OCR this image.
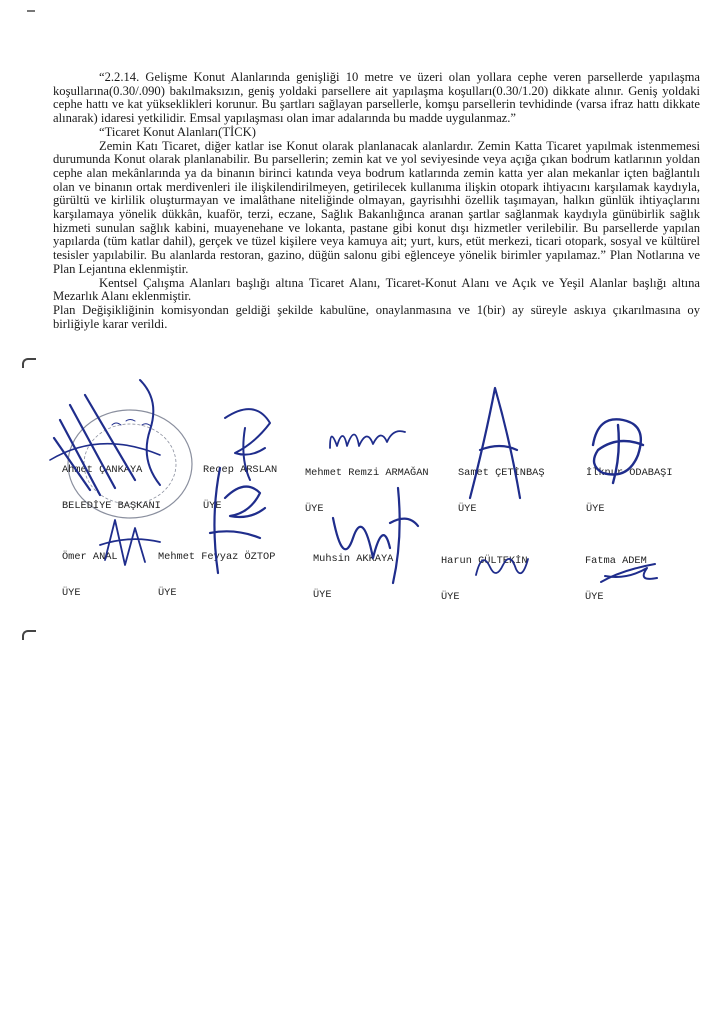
“2.2.14. Gelişme Konut Alanlarında genişliği 10 metre ve üzeri olan yollara cephe veren parsellerde yapılaşma koşullarına(0.30/.090) bakılmaksızın, geniş yoldaki parsellere ait yapılaşma koşulları(0.30/1.20) dikkate alınır. Geniş yoldaki cephe hattı ve kat yükseklikleri korunur. Bu şartları sağlayan parsellerle, komşu parsellerin tevhidinde (varsa ifraz hattı dikkate alınarak) idaresi yetkilidir. Emsal yapılaşması olan imar adalarında bu madde uygulanmaz.”

“Ticaret Konut Alanları(TİCK)

Zemin Katı Ticaret, diğer katlar ise Konut olarak planlanacak alanlardır. Zemin Katta Ticaret yapılmak istenmemesi durumunda Konut olarak planlanabilir. Bu parsellerin; zemin kat ve yol seviyesinde veya açığa çıkan bodrum katlarının yoldan cephe alan mekânlarında ya da binanın birinci katında veya bodrum katlarında zemin katta yer alan mekanlar içten bağlantılı olan ve binanın ortak merdivenleri ile ilişkilendirilmeyen, getirilecek kullanıma ilişkin otopark ihtiyacını karşılamak kaydıyla, gürültü ve kirlilik oluşturmayan ve imalâthane niteliğinde olmayan, gayrisıhhi özellik taşımayan, halkın günlük ihtiyaçlarını karşılamaya yönelik dükkân, kuaför, terzi, eczane, Sağlık Bakanlığınca aranan şartlar sağlanmak kaydıyla günübirlik sağlık hizmeti sunulan sağlık kabini, muayenehane ve lokanta, pastane gibi konut dışı hizmetler verilebilir. Bu parsellerde yapılan yapılarda (tüm katlar dahil), gerçek ve tüzel kişilere veya kamuya ait; yurt, kurs, etüt merkezi, ticari otopark, sosyal ve kültürel tesisler yapılabilir. Bu alanlarda restoran, gazino, düğün salonu gibi eğlenceye yönelik birimler yapılamaz.” Plan Notlarına ve Plan Lejantına eklenmiştir.

Kentsel Çalışma Alanları başlığı altına Ticaret Alanı, Ticaret-Konut Alanı ve Açık ve Yeşil Alanlar başlığı altına Mezarlık Alanı eklenmiştir.

Plan Değişikliğinin komisyondan geldiği şekilde kabulüne, onaylanmasına ve 1(bir) ay süreyle askıya çıkarılmasına oy birliğiyle karar verildi.

Ahmet ÇANKAYA

BELEDİYE BAŞKANI

Recep ARSLAN

ÜYE

Mehmet Remzi ARMAĞAN

ÜYE

Samet ÇETİNBAŞ

ÜYE

İlknur ODABAŞI

ÜYE

Ömer ANAL

ÜYE

Mehmet Feyyaz ÖZTOP

ÜYE

Muhsin AKKAYA

ÜYE

Harun GÜLTEKİN

ÜYE

Fatma ADEM

ÜYE
